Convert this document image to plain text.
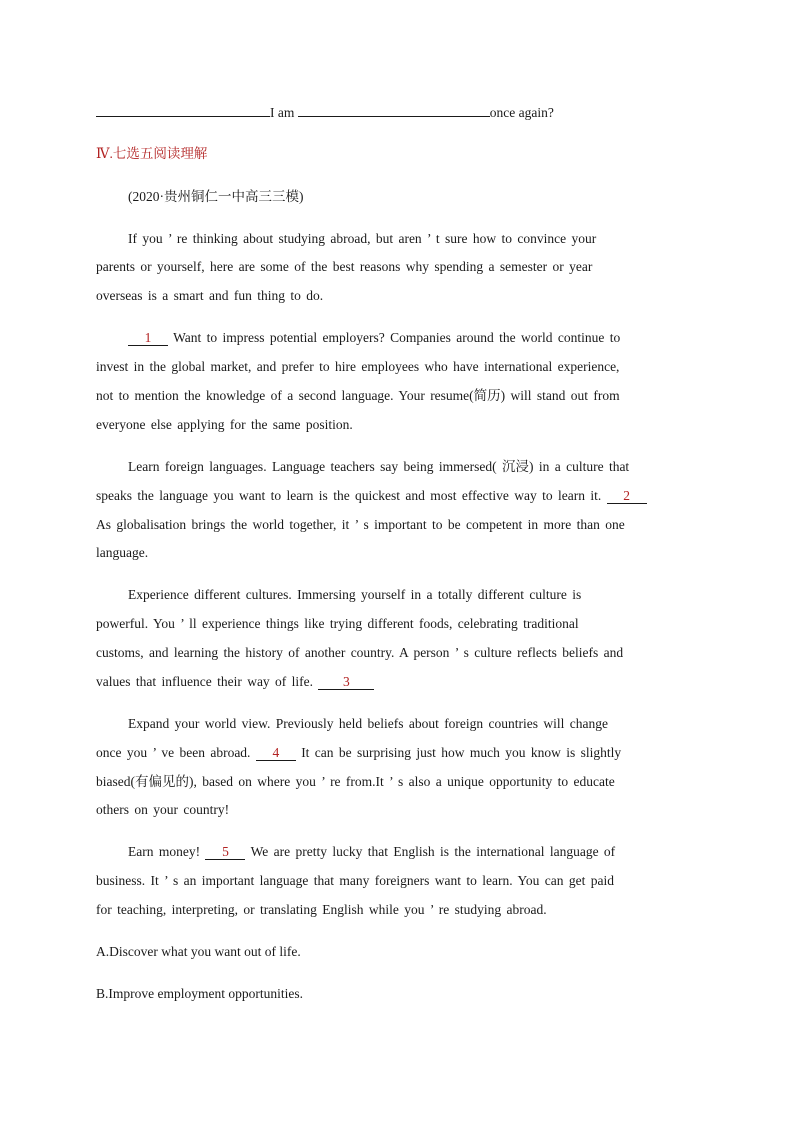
I am	once again?
Ⅳ.七选五阅读理解
(2020·贵州铜仁一中高三三模)
If you ’ re thinking about studying abroad, but aren ’ t sure how to convince your
parents or yourself, here are some of the best reasons why spending a semester or year
overseas is a smart and fun thing to do.
1 Want to impress potential employers? Companies around the world continue to
invest in the global market, and prefer to hire employees who have international experience,
not to mention the knowledge of a second language. Your resume(简历) will stand out from
everyone else applying for the same position.
Learn foreign languages. Language teachers say being immersed( 沉浸) in a culture that
speaks the language you want to learn is the quickest and most effective way to learn it. 2
As globalisation brings the world together, it ’ s important to be competent in more than one
language.
Experience different cultures. Immersing yourself in a totally different culture is
powerful. You ’ ll experience things like trying different foods, celebrating traditional
customs, and learning the history of another country. A person ’ s culture reflects beliefs and
values that influence their way of life. 3
Expand your world view. Previously held beliefs about foreign countries will change
once you ’ ve been abroad. 4 It can be surprising just how much you know is slightly
biased(有偏见的), based on where you ’ re from.It ’ s also a unique opportunity to educate
others on your country!
Earn money! 5 We are pretty lucky that English is the international language of
business. It ’ s an important language that many foreigners want to learn. You can get paid
for teaching, interpreting, or translating English while you ’ re studying abroad.
A.Discover what you want out of life.
B.Improve employment opportunities.
